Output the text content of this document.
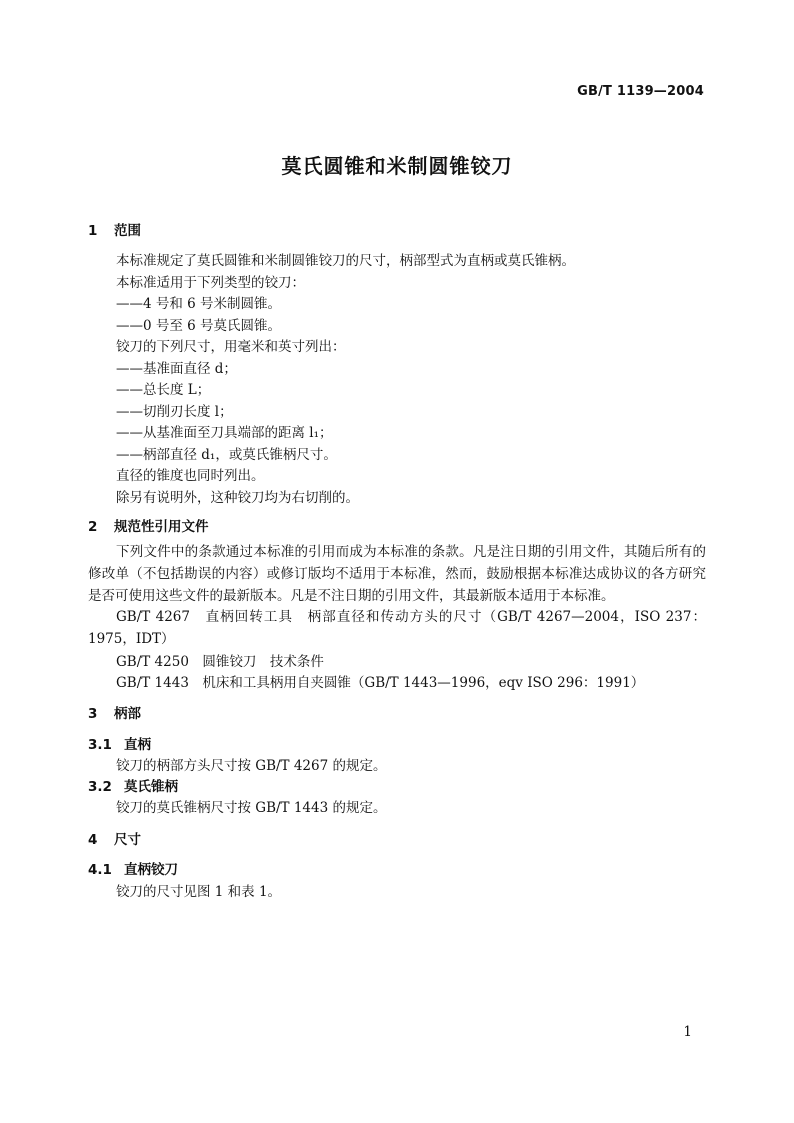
GB/T 1139—2004
莫氏圆锥和米制圆锥铰刀
1 范围
本标准规定了莫氏圆锥和米制圆锥铰刀的尺寸，柄部型式为直柄或莫氏锥柄。
本标准适用于下列类型的铰刀：
——4 号和 6 号米制圆锥。
——0 号至 6 号莫氏圆锥。
铰刀的下列尺寸，用毫米和英寸列出：
——基准面直径 d；
——总长度 L；
——切削刃长度 l；
——从基准面至刀具端部的距离 l₁；
——柄部直径 d₁，或莫氏锥柄尺寸。
直径的锥度也同时列出。
除另有说明外，这种铰刀均为右切削的。
2 规范性引用文件
下列文件中的条款通过本标准的引用而成为本标准的条款。凡是注日期的引用文件，其随后所有的修改单（不包括勘误的内容）或修订版均不适用于本标准，然而，鼓励根据本标准达成协议的各方研究是否可使用这些文件的最新版本。凡是不注日期的引用文件，其最新版本适用于本标准。
GB/T 4267　直柄回转工具　柄部直径和传动方头的尺寸（GB/T 4267—2004，ISO 237：1975，IDT）
GB/T 4250　圆锥铰刀　技术条件
GB/T 1443　机床和工具柄用自夹圆锥（GB/T 1443—1996，eqv ISO 296：1991）
3 柄部
3.1 直柄
铰刀的柄部方头尺寸按 GB/T 4267 的规定。
3.2 莫氏锥柄
铰刀的莫氏锥柄尺寸按 GB/T 1443 的规定。
4 尺寸
4.1 直柄铰刀
铰刀的尺寸见图 1 和表 1。
1
